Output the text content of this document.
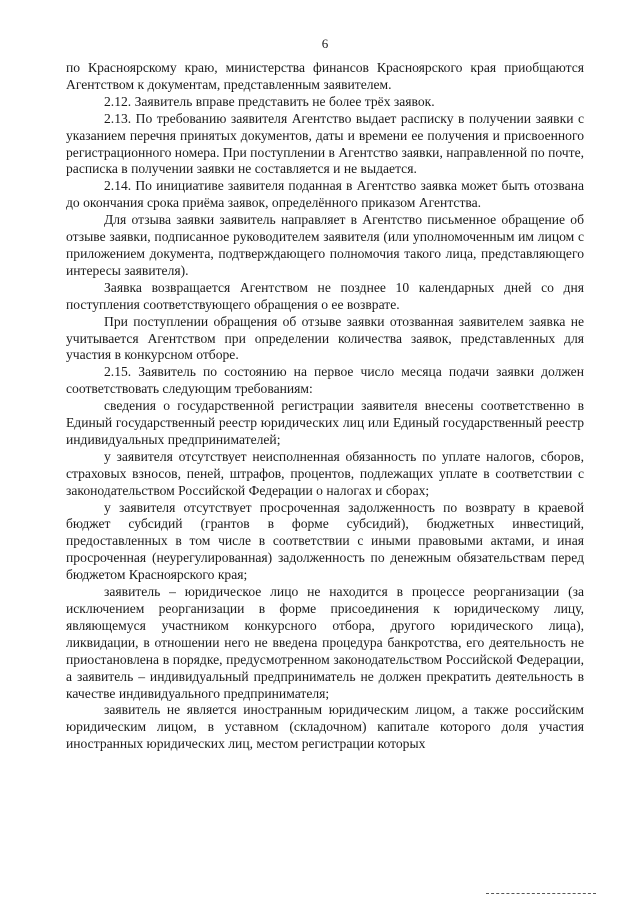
6

по Красноярскому краю, министерства финансов Красноярского края приобщаются Агентством к документам, представленным заявителем.

2.12. Заявитель вправе представить не более трёх заявок.

2.13. По требованию заявителя Агентство выдает расписку в получении заявки с указанием перечня принятых документов, даты и времени ее получения и присвоенного регистрационного номера. При поступлении в Агентство заявки, направленной по почте, расписка в получении заявки не составляется и не выдается.

2.14. По инициативе заявителя поданная в Агентство заявка может быть отозвана до окончания срока приёма заявок, определённого приказом Агентства.

Для отзыва заявки заявитель направляет в Агентство письменное обращение об отзыве заявки, подписанное руководителем заявителя (или уполномоченным им лицом с приложением документа, подтверждающего полномочия такого лица, представляющего интересы заявителя).

Заявка возвращается Агентством не позднее 10 календарных дней со дня поступления соответствующего обращения о ее возврате.

При поступлении обращения об отзыве заявки отозванная заявителем заявка не учитывается Агентством при определении количества заявок, представленных для участия в конкурсном отборе.

2.15. Заявитель по состоянию на первое число месяца подачи заявки должен соответствовать следующим требованиям:

сведения о государственной регистрации заявителя внесены соответственно в Единый государственный реестр юридических лиц или Единый государственный реестр индивидуальных предпринимателей;

у заявителя отсутствует неисполненная обязанность по уплате налогов, сборов, страховых взносов, пеней, штрафов, процентов, подлежащих уплате в соответствии с законодательством Российской Федерации о налогах и сборах;

у заявителя отсутствует просроченная задолженность по возврату в краевой бюджет субсидий (грантов в форме субсидий), бюджетных инвестиций, предоставленных в том числе в соответствии с иными правовыми актами, и иная просроченная (неурегулированная) задолженность по денежным обязательствам перед бюджетом Красноярского края;

заявитель – юридическое лицо не находится в процессе реорганизации (за исключением реорганизации в форме присоединения к юридическому лицу, являющемуся участником конкурсного отбора, другого юридического лица), ликвидации, в отношении него не введена процедура банкротства, его деятельность не приостановлена в порядке, предусмотренном законодательством Российской Федерации, а заявитель – индивидуальный предприниматель не должен прекратить деятельность в качестве индивидуального предпринимателя;

заявитель не является иностранным юридическим лицом, а также российским юридическим лицом, в уставном (складочном) капитале которого доля участия иностранных юридических лиц, местом регистрации которых
